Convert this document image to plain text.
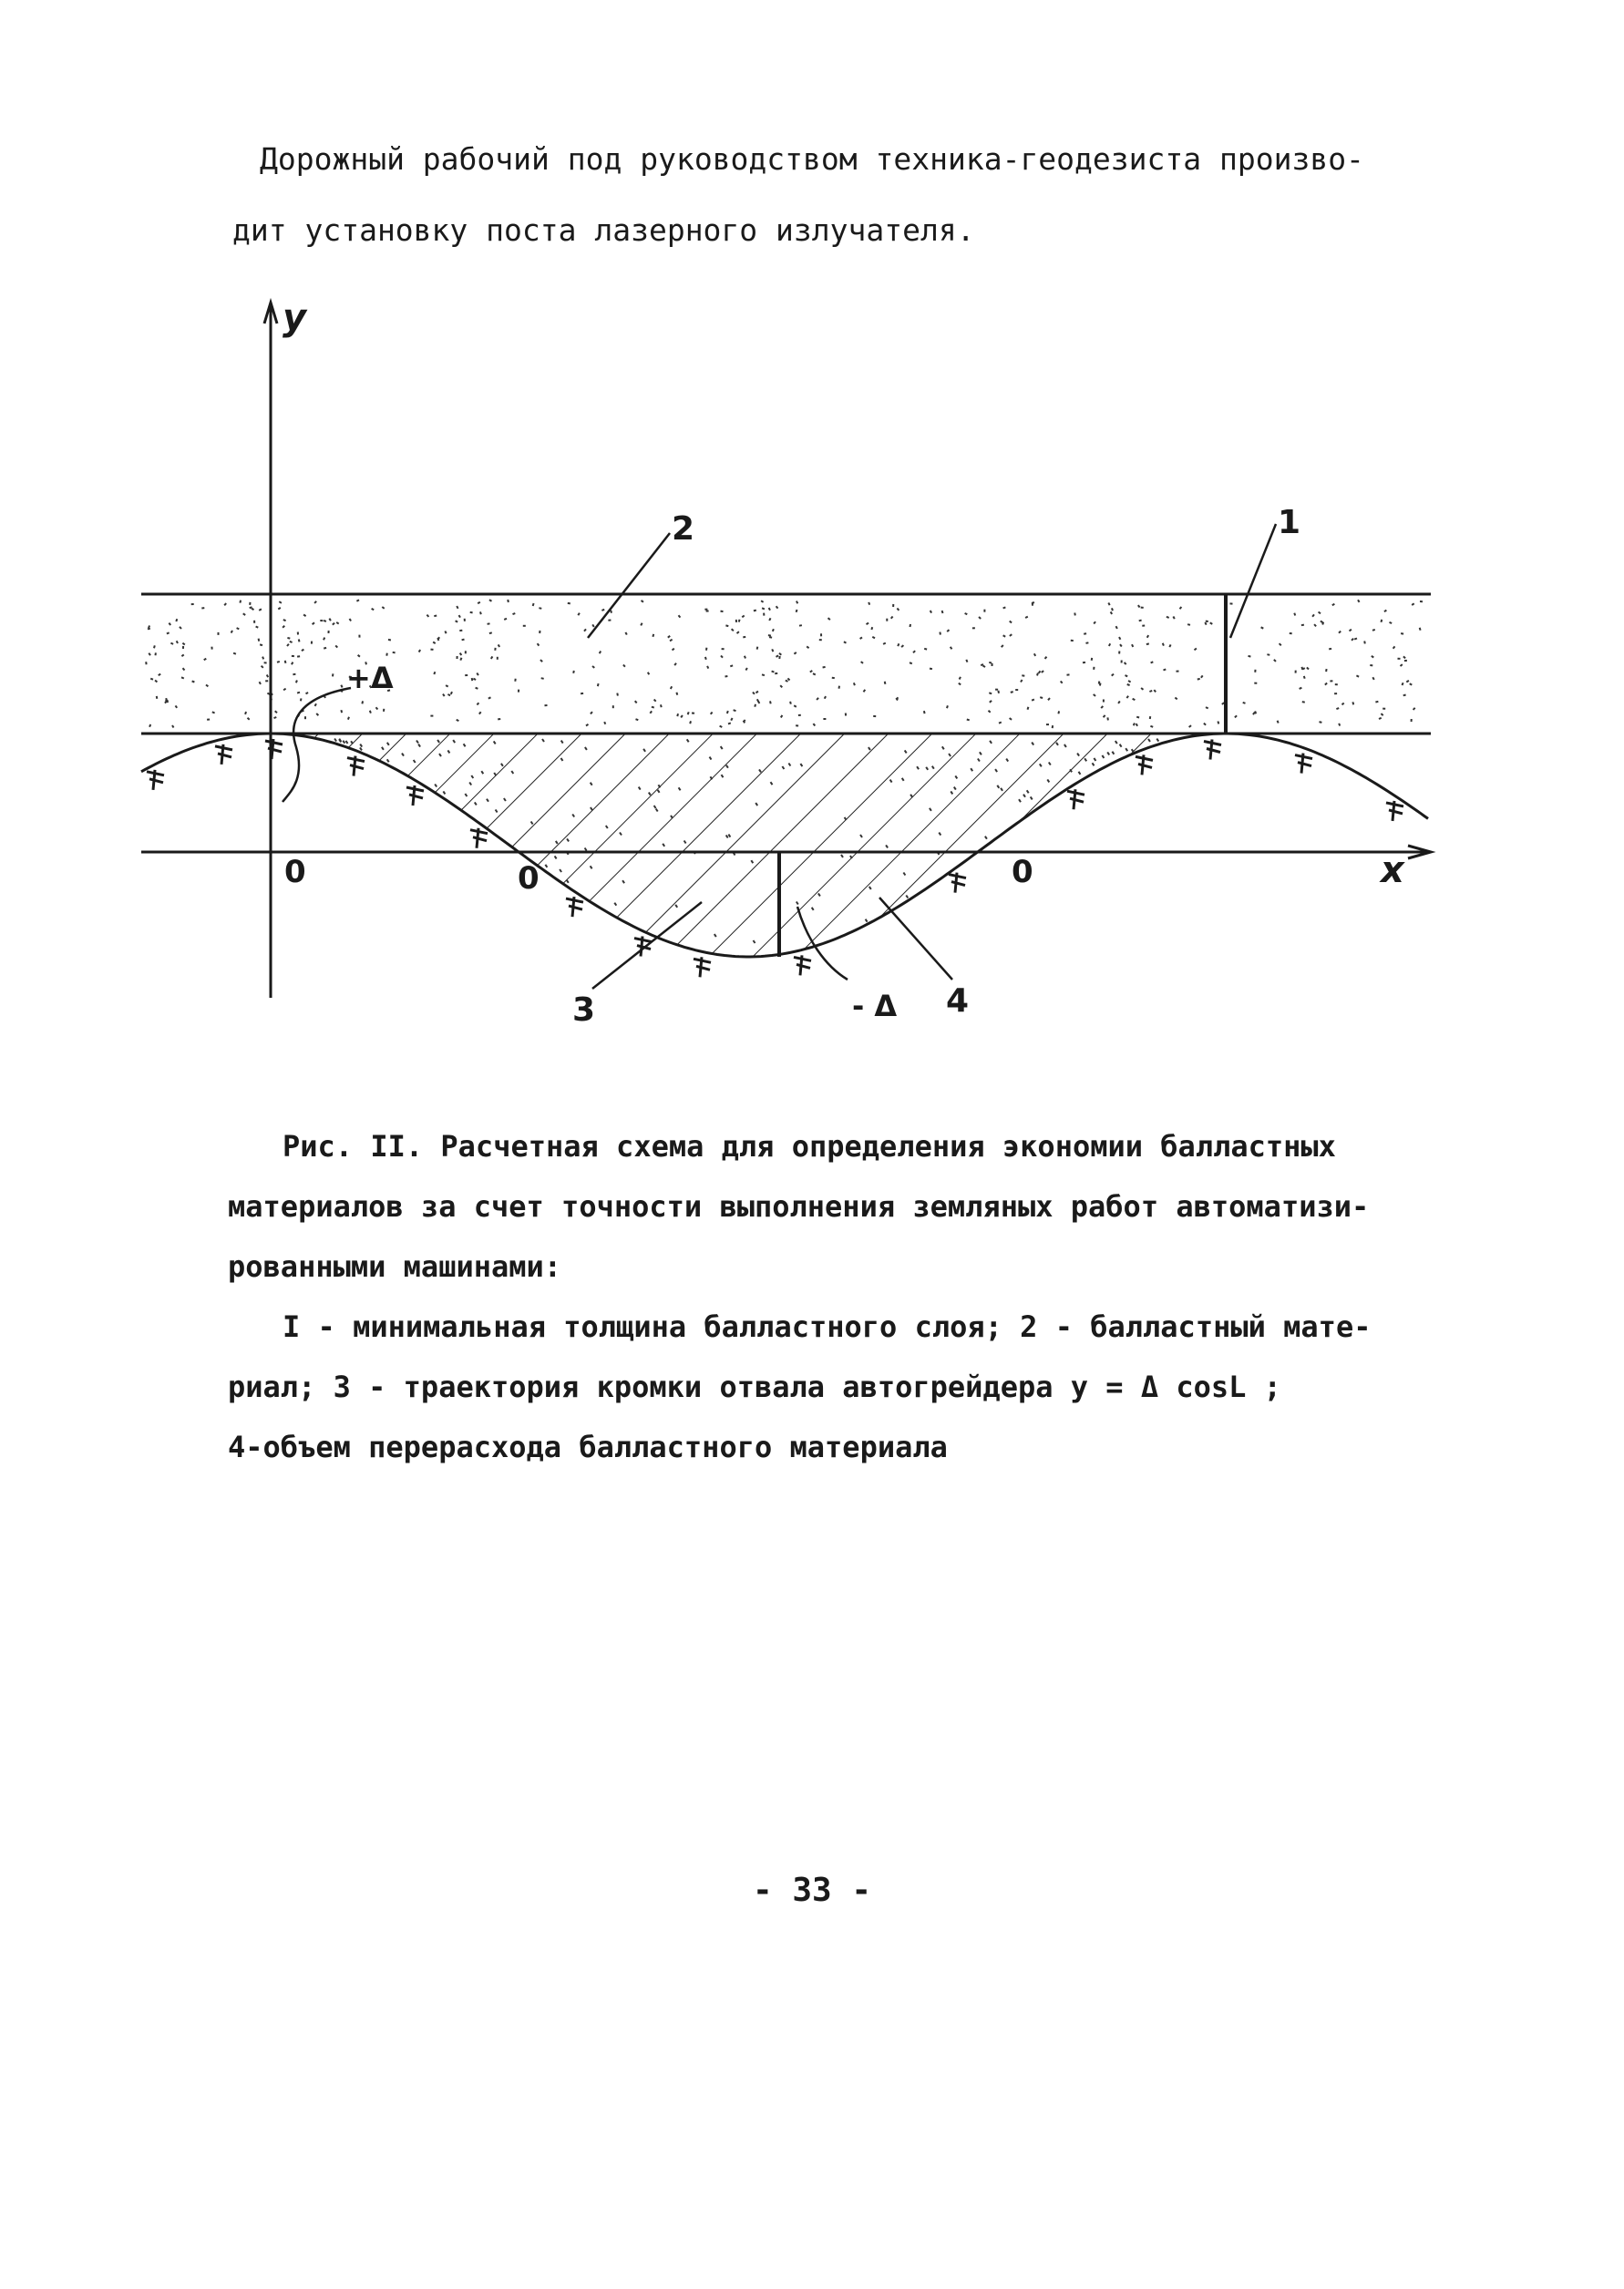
Дорожный рабочий под руководством техника-геодезиста произво-
дит установку поста лазерного излучателя.
y
x
0	0	0
1
2
3	4
+Δ
- Δ
Рис. II. Расчетная схема для определения экономии балластных
материалов за счет точности выполнения земляных работ автоматизи-
рованными машинами:
I - минимальная толщина балластного слоя; 2 - балластный мате-
риал; 3 - траектория кромки отвала автогрейдера y = Δ cosL ;
4-объем перерасхода балластного материала
- 33 -
